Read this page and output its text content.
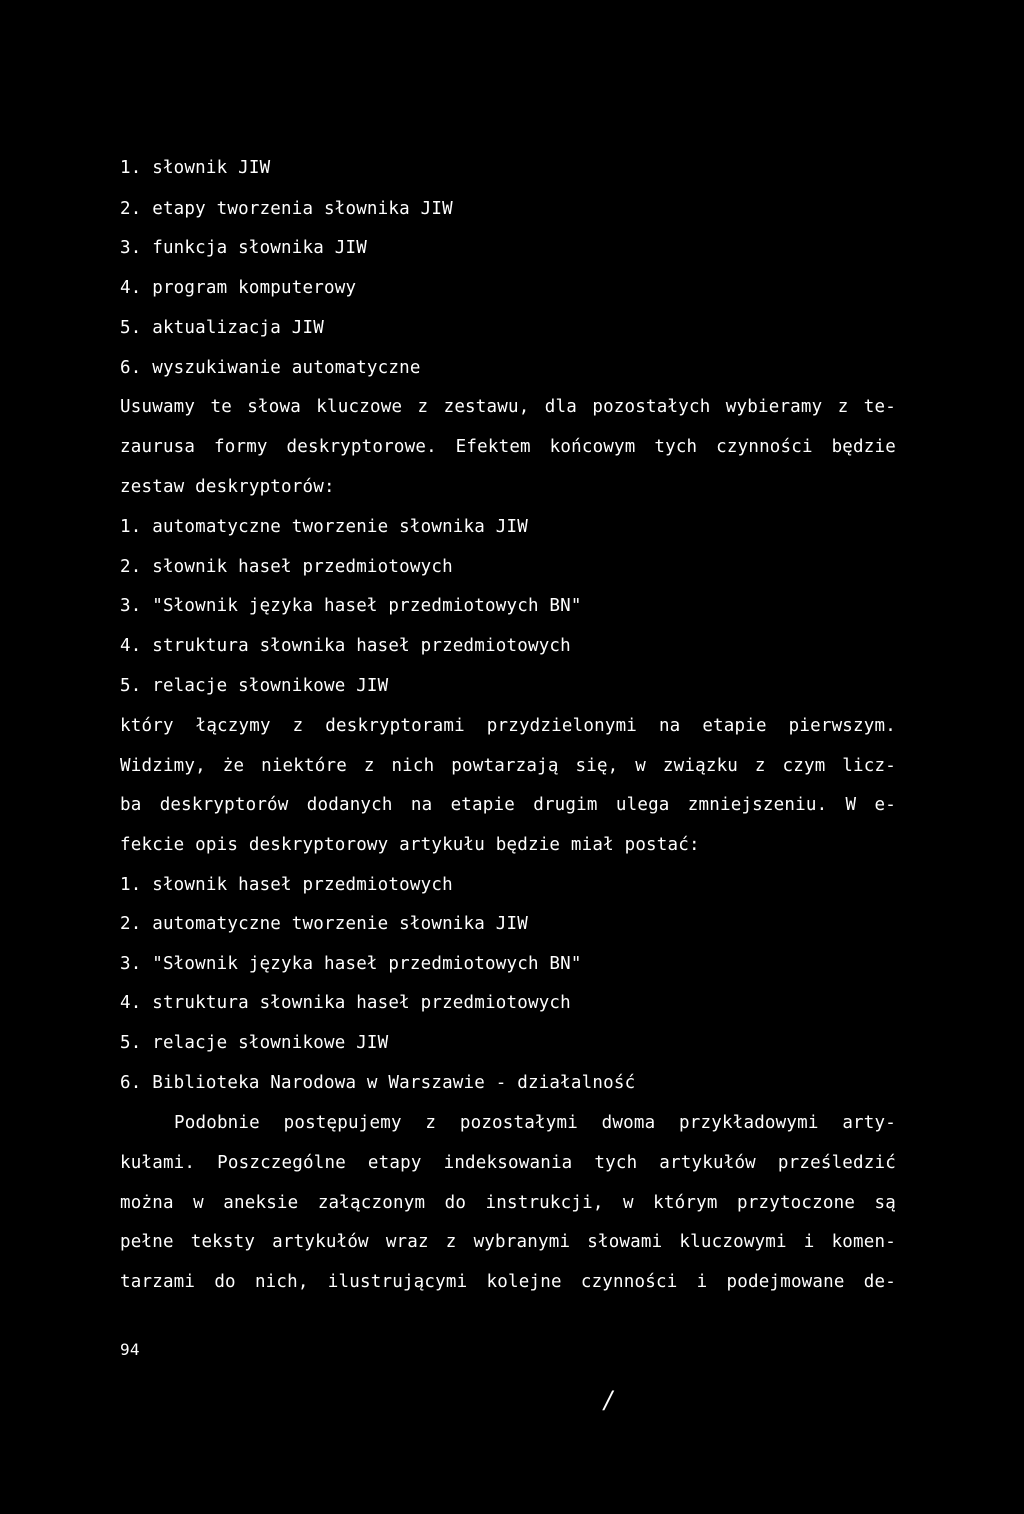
1. słownik JIW
2. etapy tworzenia słownika JIW
3. funkcja słownika JIW
4. program komputerowy
5. aktualizacja JIW
6. wyszukiwanie automatyczne
Usuwamy te słowa kluczowe z zestawu, dla pozostałych wybieramy z te-
zaurusa formy deskryptorowe. Efektem końcowym tych czynności będzie
zestaw deskryptorów:
1. automatyczne tworzenie słownika JIW
2. słownik haseł przedmiotowych
3. "Słownik języka haseł przedmiotowych BN"
4. struktura słownika haseł przedmiotowych
5. relacje słownikowe JIW
który łączymy z deskryptorami przydzielonymi na etapie pierwszym.
Widzimy, że niektóre z nich powtarzają się, w związku z czym licz-
ba deskryptorów dodanych na etapie drugim ulega zmniejszeniu. W e-
fekcie opis deskryptorowy artykułu będzie miał postać:
1. słownik haseł przedmiotowych
2. automatyczne tworzenie słownika JIW
3. "Słownik języka haseł przedmiotowych BN"
4. struktura słownika haseł przedmiotowych
5. relacje słownikowe JIW
6. Biblioteka Narodowa w Warszawie - działalność
Podobnie postępujemy z pozostałymi dwoma przykładowymi arty-
kułami. Poszczególne etapy indeksowania tych artykułów prześledzić
można w aneksie załączonym do instrukcji, w którym przytoczone są
pełne teksty artykułów wraz z wybranymi słowami kluczowymi i komen-
tarzami do nich, ilustrującymi kolejne czynności i podejmowane de-
94
/
